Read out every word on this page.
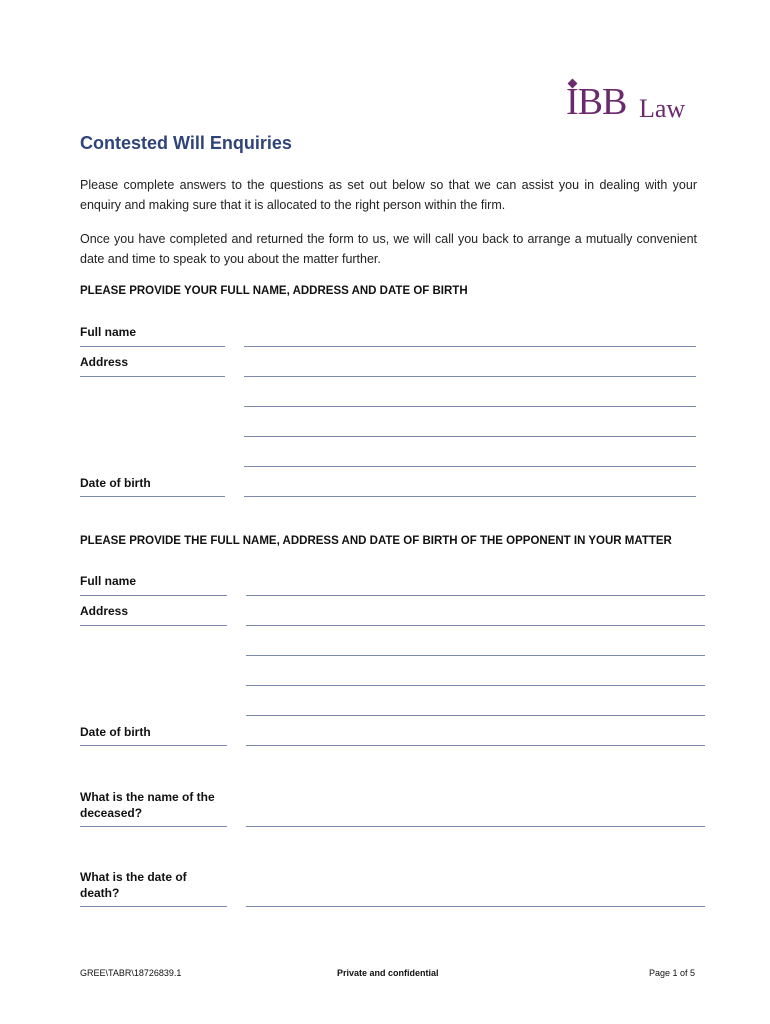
IBB Law
Contested Will Enquiries
Please complete answers to the questions as set out below so that we can assist you in dealing with your enquiry and making sure that it is allocated to the right person within the firm.
Once you have completed and returned the form to us, we will call you back to arrange a mutually convenient date and time to speak to you about the matter further.
PLEASE PROVIDE YOUR FULL NAME, ADDRESS AND DATE OF BIRTH
Full name
Address
Date of birth
PLEASE PROVIDE THE FULL NAME, ADDRESS AND DATE OF BIRTH OF THE OPPONENT IN YOUR MATTER
Full name
Address
Date of birth
What is the name of the deceased?
What is the date of death?
GREE\TABR\18726839.1	Private and confidential	Page 1 of 5
